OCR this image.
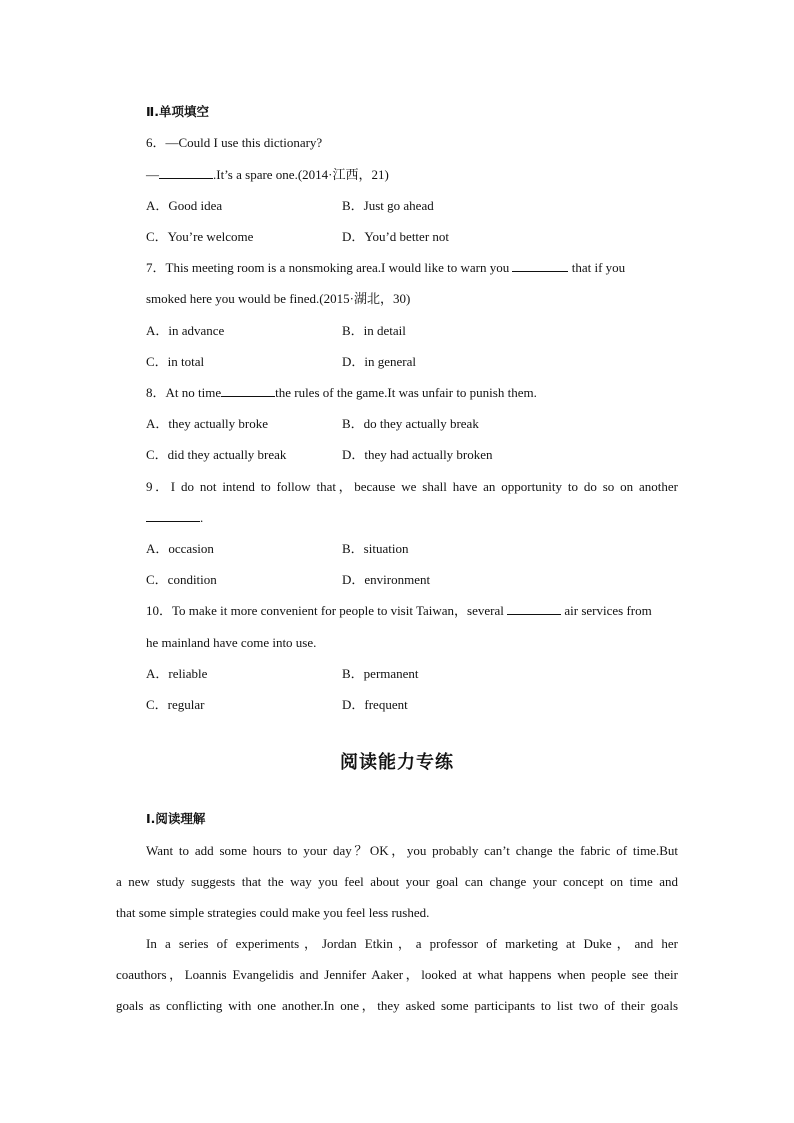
Ⅱ.单项填空
6．—Could I use this dictionary?
—	.It’s a spare one.(2014·江西，21)
A．Good idea	B．Just go ahead
C．You’re welcome	D．You’d better not
7．This meeting room is a nonsmoking area.I would like to warn you	that if you
smoked here you would be fined.(2015·湖北，30)
A．in advance	B．in detail
C．in total	D．in general
8．At no time	the rules of the game.It was unfair to punish them.
A．they actually broke	B．do they actually break
C．did they actually break	D．they had actually broken
9．I do not intend to follow that，because we shall have an opportunity to do so on another
.
A．occasion	B．situation
C．condition	D．environment
10．To make it more convenient for people to visit Taiwan，several	air services from
he mainland have come into use.
A．reliable	B．permanent
C．regular	D．frequent
阅读能力专练
Ⅰ.阅读理解
Want to add some hours to your day？OK，you probably can’t change the fabric of time.But
a new study suggests that the way you feel about your goal can change your concept on time and
that some simple strategies could make you feel less rushed.
In a series of experiments，Jordan Etkin，a professor of marketing at Duke，and her
coauthors，Loannis Evangelidis and Jennifer Aaker，looked at what happens when people see their
goals as conflicting with one another.In one，they asked some participants to list two of their goals
